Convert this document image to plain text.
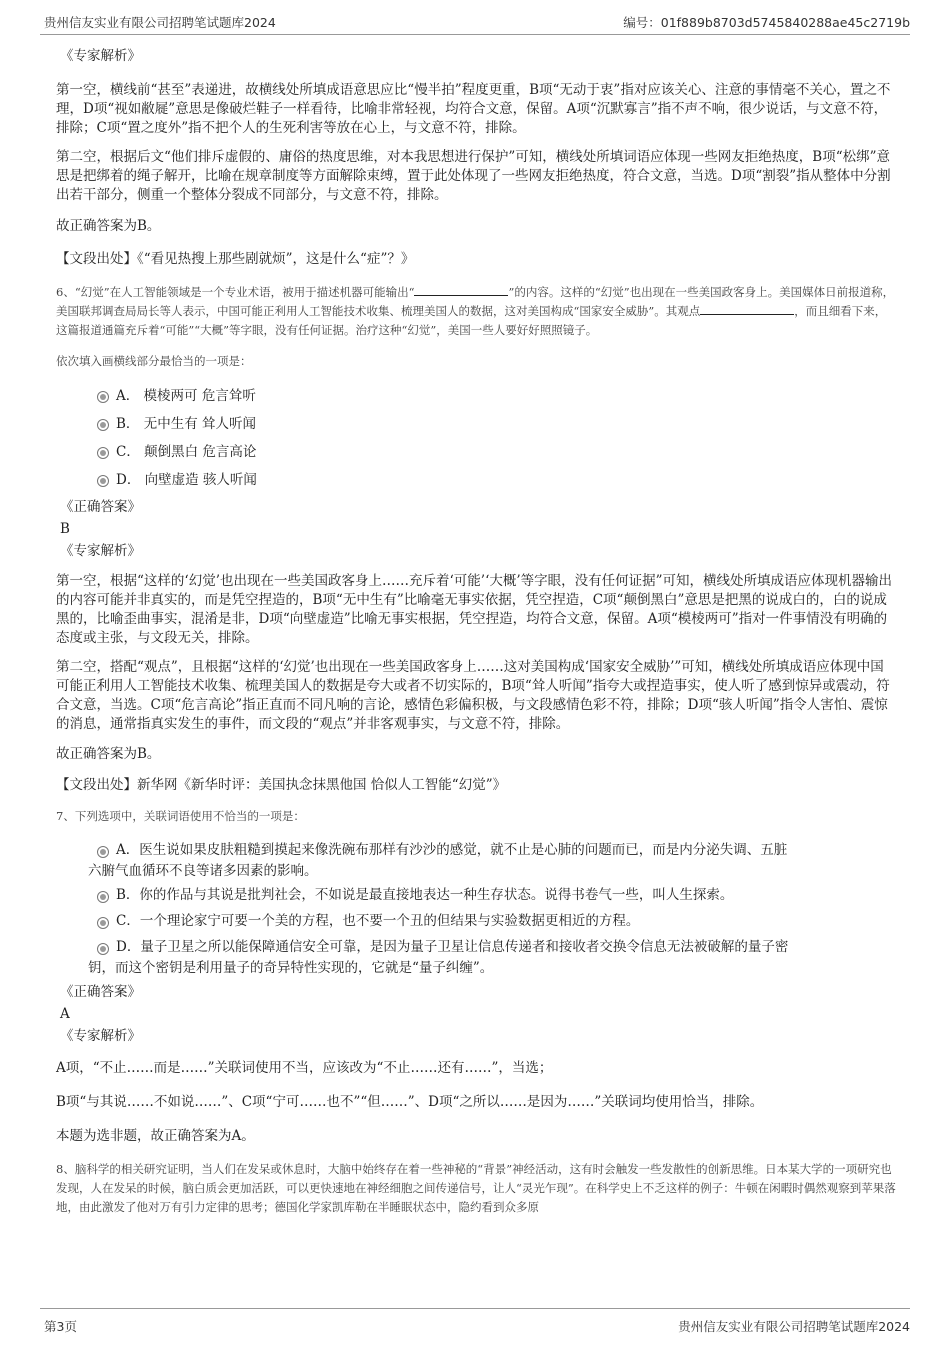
贵州信友实业有限公司招聘笔试题库2024	编号：01f889b8703d5745840288ae45c2719b

《专家解析》

第一空，横线前“甚至”表递进，故横线处所填成语意思应比“慢半拍”程度更重，B项“无动于衷”指对应该关心、注意的事情毫不关心，置之不理，D项“视如敝屣”意思是像破烂鞋子一样看待，比喻非常轻视，均符合文意，保留。A项“沉默寡言”指不声不响，很少说话，与文意不符，排除；C项“置之度外”指不把个人的生死利害等放在心上，与文意不符，排除。

第二空，根据后文“他们排斥虚假的、庸俗的热度思维，对本我思想进行保护”可知，横线处所填词语应体现一些网友拒绝热度，B项“松绑”意思是把绑着的绳子解开，比喻在规章制度等方面解除束缚，置于此处体现了一些网友拒绝热度，符合文意，当选。D项“割裂”指从整体中分割出若干部分，侧重一个整体分裂成不同部分，与文意不符，排除。

故正确答案为B。

【文段出处】《“看见热搜上那些剧就烦”，这是什么“症”？》

6、“幻觉”在人工智能领域是一个专业术语，被用于描述机器可能输出“	”的内容。这样的“幻觉”也出现在一些美国政客身上。美国媒体日前报道称，美国联邦调查局局长等人表示，中国可能正利用人工智能技术收集、梳理美国人的数据，这对美国构成“国家安全威胁”。其观点	，而且细看下来，这篇报道通篇充斥着“可能”“大概”等字眼，没有任何证据。治疗这种“幻觉”，美国一些人要好好照照镜子。

依次填入画横线部分最恰当的一项是：

A． 模棱两可 危言耸听
B． 无中生有 耸人听闻
C． 颠倒黑白 危言高论
D． 向壁虚造 骇人听闻

《正确答案》

B

《专家解析》

第一空，根据“这样的‘幻觉’也出现在一些美国政客身上……充斥着‘可能’‘大概’等字眼，没有任何证据”可知，横线处所填成语应体现机器输出的内容可能并非真实的，而是凭空捏造的，B项“无中生有”比喻毫无事实依据，凭空捏造，C项“颠倒黑白”意思是把黑的说成白的，白的说成黑的，比喻歪曲事实，混淆是非，D项“向壁虚造”比喻无事实根据，凭空捏造，均符合文意，保留。A项“模棱两可”指对一件事情没有明确的态度或主张，与文段无关，排除。

第二空，搭配“观点”，且根据“这样的‘幻觉’也出现在一些美国政客身上……这对美国构成‘国家安全威胁’”可知，横线处所填成语应体现中国可能正利用人工智能技术收集、梳理美国人的数据是夸大或者不切实际的，B项“耸人听闻”指夸大或捏造事实，使人听了感到惊异或震动，符合文意，当选。C项“危言高论”指正直而不同凡响的言论，感情色彩偏积极，与文段感情色彩不符，排除；D项“骇人听闻”指令人害怕、震惊的消息，通常指真实发生的事件，而文段的“观点”并非客观事实，与文意不符，排除。

故正确答案为B。

【文段出处】新华网《新华时评：美国执念抹黑他国 恰似人工智能“幻觉”》

7、下列选项中，关联词语使用不恰当的一项是：

A．医生说如果皮肤粗糙到摸起来像洗碗布那样有沙沙的感觉，就不止是心肺的问题而已，而是内分泌失调、五脏
六腑气血循环不良等诸多因素的影响。
B．你的作品与其说是批判社会，不如说是最直接地表达一种生存状态。说得书卷气一些，叫人生探索。
C．一个理论家宁可要一个美的方程，也不要一个丑的但结果与实验数据更相近的方程。
D．量子卫星之所以能保障通信安全可靠，是因为量子卫星让信息传递者和接收者交换令信息无法被破解的量子密
钥，而这个密钥是利用量子的奇异特性实现的，它就是“量子纠缠”。

《正确答案》

A

《专家解析》

A项，“不止……而是……”关联词使用不当，应该改为“不止……还有……”，当选；

B项“与其说……不如说……”、C项“宁可……也不”“但……”、D项“之所以……是因为……”关联词均使用恰当，排除。

本题为选非题，故正确答案为A。

8、脑科学的相关研究证明，当人们在发呆或休息时，大脑中始终存在着一些神秘的“背景”神经活动，这有时会触发一些发散性的创新思维。日本某大学的一项研究也发现，人在发呆的时候，脑白质会更加活跃，可以更快速地在神经细胞之间传递信号，让人“灵光乍现”。在科学史上不乏这样的例子：牛顿在闲暇时偶然观察到苹果落地，由此激发了他对万有引力定律的思考；德国化学家凯库勒在半睡眠状态中，隐约看到众多原

第3页	贵州信友实业有限公司招聘笔试题库2024
